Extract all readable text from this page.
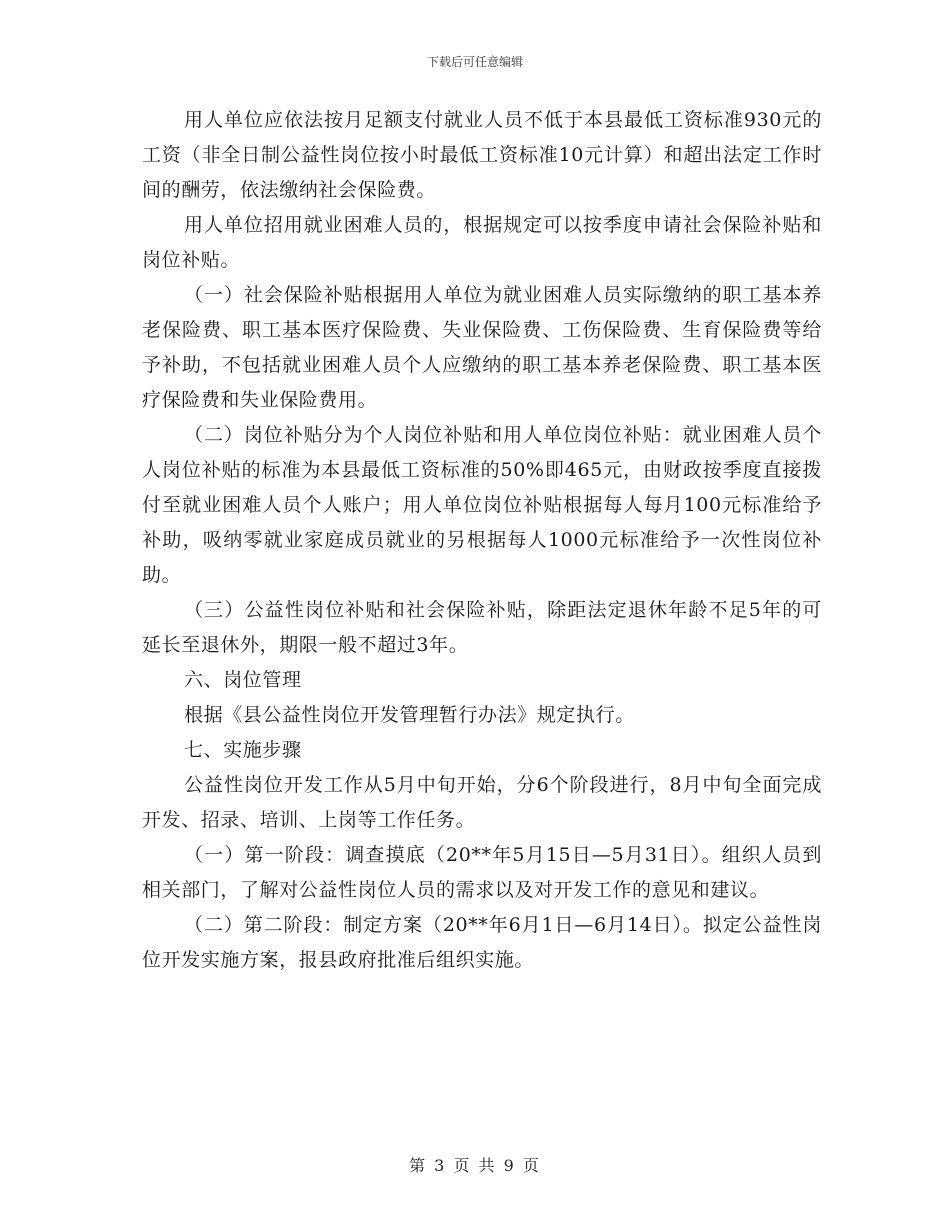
下载后可任意编辑

用人单位应依法按月足额支付就业人员不低于本县最低工资标准930元的工资（非全日制公益性岗位按小时最低工资标准10元计算）和超出法定工作时间的酬劳，依法缴纳社会保险费。

用人单位招用就业困难人员的，根据规定可以按季度申请社会保险补贴和岗位补贴。

（一）社会保险补贴根据用人单位为就业困难人员实际缴纳的职工基本养老保险费、职工基本医疗保险费、失业保险费、工伤保险费、生育保险费等给予补助，不包括就业困难人员个人应缴纳的职工基本养老保险费、职工基本医疗保险费和失业保险费用。

（二）岗位补贴分为个人岗位补贴和用人单位岗位补贴：就业困难人员个人岗位补贴的标准为本县最低工资标准的50%即465元，由财政按季度直接拨付至就业困难人员个人账户；用人单位岗位补贴根据每人每月100元标准给予补助，吸纳零就业家庭成员就业的另根据每人1000元标准给予一次性岗位补助。

（三）公益性岗位补贴和社会保险补贴，除距法定退休年龄不足5年的可延长至退休外，期限一般不超过3年。

六、岗位管理

根据《县公益性岗位开发管理暂行办法》规定执行。

七、实施步骤

公益性岗位开发工作从5月中旬开始，分6个阶段进行，8月中旬全面完成开发、招录、培训、上岗等工作任务。

（一）第一阶段：调查摸底（20**年5月15日—5月31日）。组织人员到相关部门，了解对公益性岗位人员的需求以及对开发工作的意见和建议。

（二）第二阶段：制定方案（20**年6月1日—6月14日）。拟定公益性岗位开发实施方案，报县政府批准后组织实施。

第 3 页 共 9 页
